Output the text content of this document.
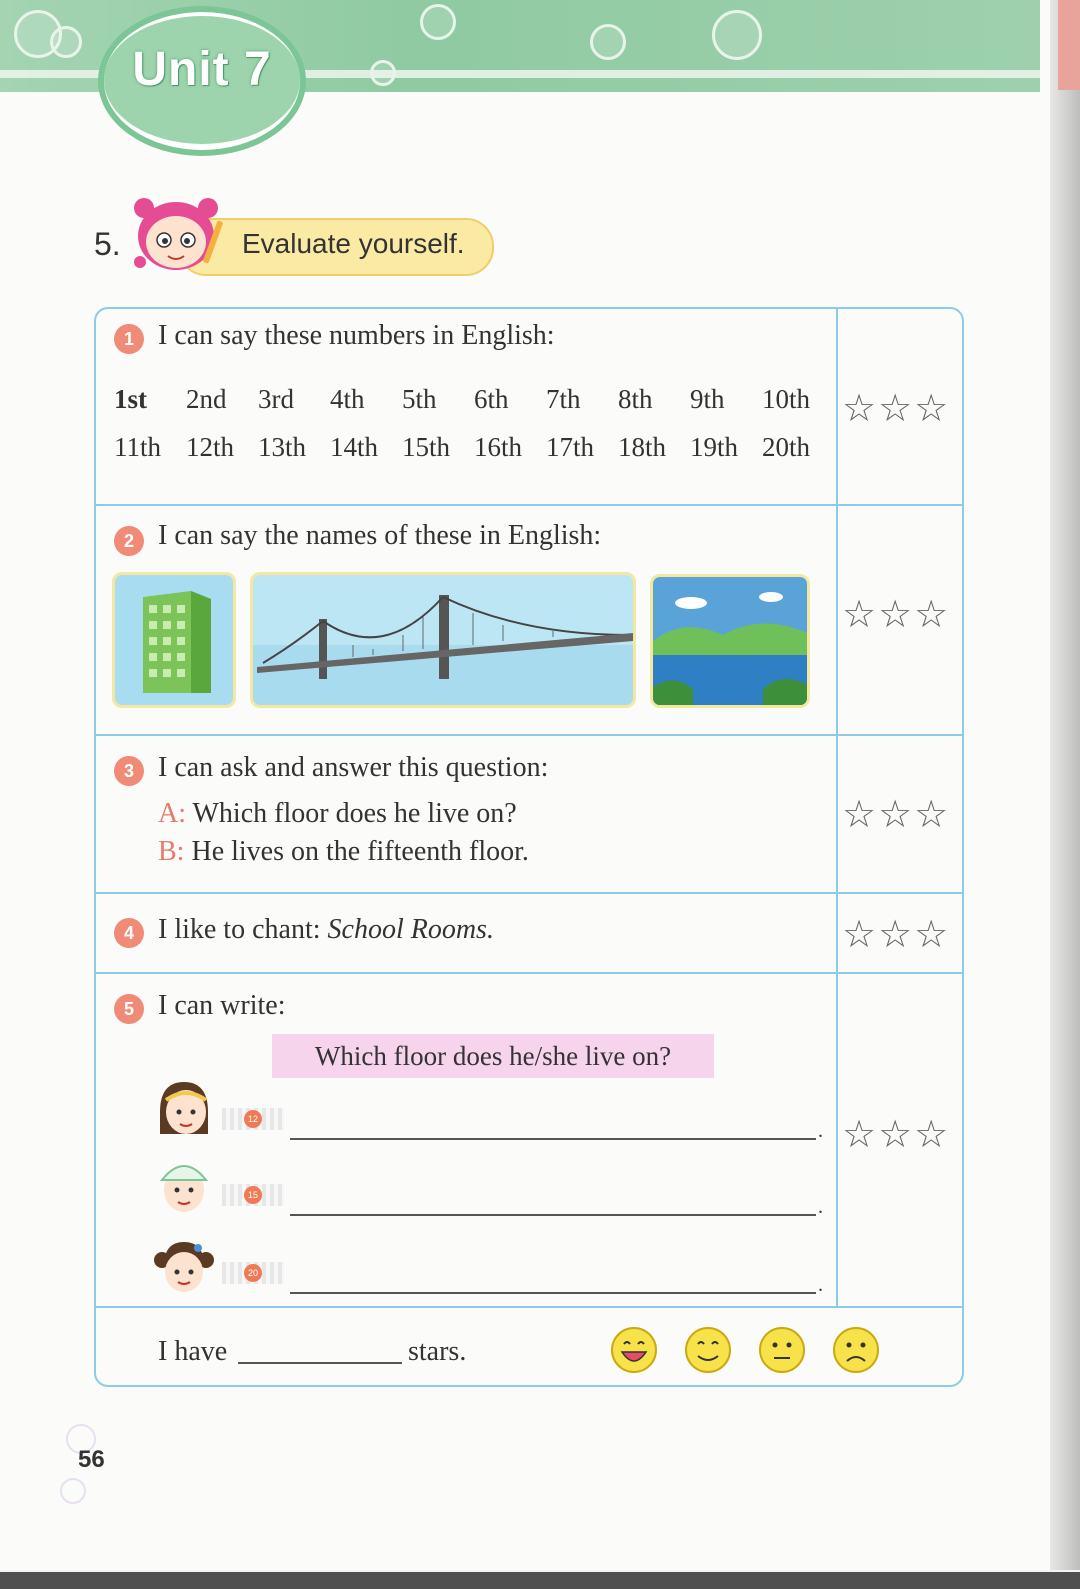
Unit 7
5.	Evaluate yourself.
1 I can say these numbers in English:
1st	2nd	3rd	4th	5th	6th	7th	8th	9th	10th
11th 12th 13th 14th 15th 16th 17th 18th 19th 20th
☆☆☆
2 I can say the names of these in English:
☆☆☆
3 I can ask and answer this question:
A: Which floor does he live on?
B: He lives on the fifteenth floor.
☆☆☆
4 I like to chant: School Rooms.	☆☆☆
5 I can write:
Which floor does he/she live on?
12
.
15
.
20
.
☆☆☆
I have	stars.
56
